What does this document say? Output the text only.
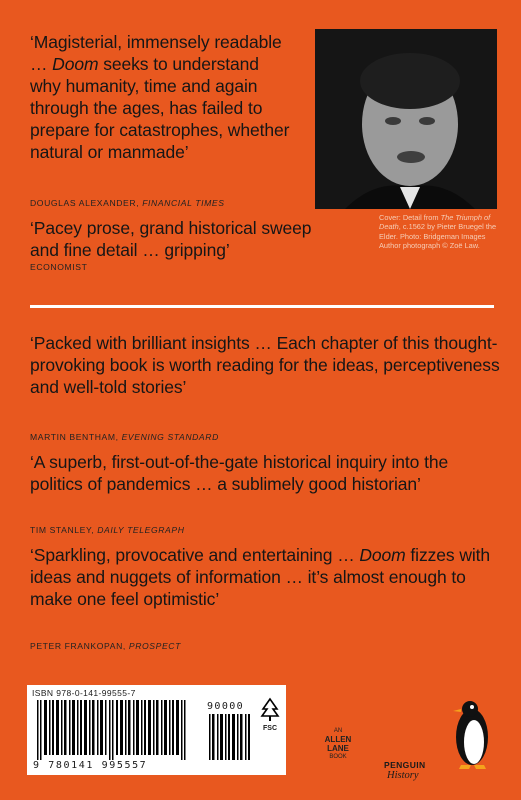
‘Magisterial, immensely readable … Doom seeks to understand why humanity, time and again through the ages, has failed to prepare for catastrophes, whether natural or manmade’
DOUGLAS ALEXANDER, FINANCIAL TIMES
‘Pacey prose, grand historical sweep and fine detail … gripping’
ECONOMIST
Cover: Detail from The Triumph of Death, c.1562 by Pieter Bruegel the Elder. Photo: Bridgeman Images
Author photograph © Zoë Law.
‘Packed with brilliant insights … Each chapter of this thought-provoking book is worth reading for the ideas, perceptiveness and well-told stories’
MARTIN BENTHAM, EVENING STANDARD
‘A superb, first-out-of-the-gate historical inquiry into the politics of pandemics … a sublimely good historian’
TIM STANLEY, DAILY TELEGRAPH
‘Sparkling, provocative and entertaining … Doom fizzes with ideas and nuggets of information … it’s almost enough to make one feel optimistic’
PETER FRANKOPAN, PROSPECT
ISBN 978-0-141-99555-7
90000
FSC
9 780141 995557
AN
ALLEN
LANE
BOOK
PENGUIN
History
